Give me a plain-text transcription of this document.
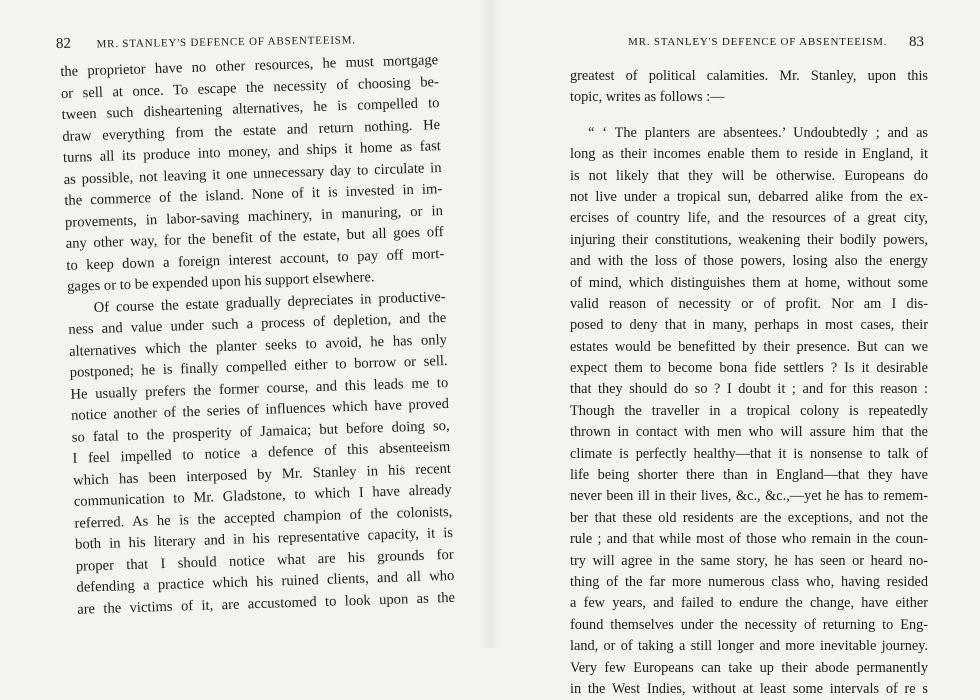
82 MR. STANLEY'S DEFENCE OF ABSENTEEISM.
the proprietor have no other resources, he must mortgage
or sell at once. To escape the necessity of choosing be-
tween such disheartening alternatives, he is compelled to
draw everything from the estate and return nothing. He
turns all its produce into money, and ships it home as fast
as possible, not leaving it one unnecessary day to circulate in
the commerce of the island. None of it is invested in im-
provements, in labor-saving machinery, in manuring, or in
any other way, for the benefit of the estate, but all goes off
to keep down a foreign interest account, to pay off mort-
gages or to be expended upon his support elsewhere.
Of course the estate gradually depreciates in productive-
ness and value under such a process of depletion, and the
alternatives which the planter seeks to avoid, he has only
postponed; he is finally compelled either to borrow or sell.
He usually prefers the former course, and this leads me to
notice another of the series of influences which have proved
so fatal to the prosperity of Jamaica; but before doing so,
I feel impelled to notice a defence of this absenteeism
which has been interposed by Mr. Stanley in his recent
communication to Mr. Gladstone, to which I have already
referred. As he is the accepted champion of the colonists,
both in his literary and in his representative capacity, it is
proper that I should notice what are his grounds for
defending a practice which his ruined clients, and all who
are the victims of it, are accustomed to look upon as the
MR. STANLEY'S DEFENCE OF ABSENTEEISM. 83
greatest of political calamities. Mr. Stanley, upon this
topic, writes as follows :—
“ ‘ The planters are absentees.’ Undoubtedly ; and as
long as their incomes enable them to reside in England, it
is not likely that they will be otherwise. Europeans do
not live under a tropical sun, debarred alike from the ex-
ercises of country life, and the resources of a great city,
injuring their constitutions, weakening their bodily powers,
and with the loss of those powers, losing also the energy
of mind, which distinguishes them at home, without some
valid reason of necessity or of profit. Nor am I dis-
posed to deny that in many, perhaps in most cases, their
estates would be benefitted by their presence. But can we
expect them to become bona fide settlers ? Is it desirable
that they should do so ? I doubt it ; and for this reason :
Though the traveller in a tropical colony is repeatedly
thrown in contact with men who will assure him that the
climate is perfectly healthy—that it is nonsense to talk of
life being shorter there than in England—that they have
never been ill in their lives, &c., &c.,—yet he has to remem-
ber that these old residents are the exceptions, and not the
rule ; and that while most of those who remain in the coun-
try will agree in the same story, he has seen or heard no-
thing of the far more numerous class who, having resided
a few years, and failed to endure the change, have either
found themselves under the necessity of returning to Eng-
land, or of taking a still longer and more inevitable journey.
Very few Europeans can take up their abode permanently
in the West Indies, without at least some intervals of re s
